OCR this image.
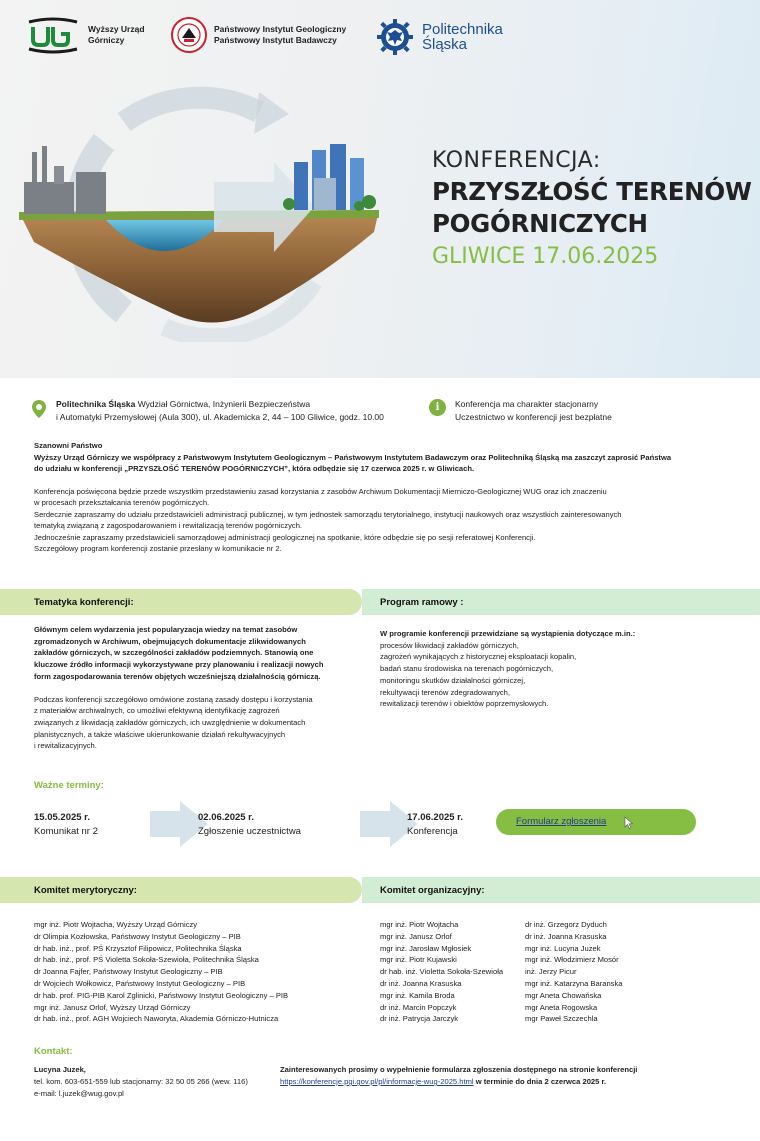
Wyższy Urząd
Górniczy
Państwowy Instytut Geologiczny
Państwowy Instytut Badawczy
Politechnika
Śląska
KONFERENCJA:
PRZYSZŁOŚĆ TERENÓW
POGÓRNICZYCH
GLIWICE 17.06.2025
Politechnika Śląska Wydział Górnictwa, Inżynierii Bezpieczeństwa
i Automatyki Przemysłowej (Aula 300), ul. Akademicka 2, 44 – 100 Gliwice, godz. 10.00
i	Konferencja ma charakter stacjonarny
Uczestnictwo w konferencji jest bezpłatne

Szanowni Państwo

Wyższy Urząd Górniczy we współpracy z Państwowym Instytutem Geologicznym – Państwowym Instytutem Badawczym oraz Politechniką Śląską ma zaszczyt zaprosić Państwa

do udziału w konferencji „PRZYSZŁOŚĆ TERENÓW POGÓRNICZYCH”, która odbędzie się 17 czerwca 2025 r. w Gliwicach.

Konferencja poświęcona będzie przede wszystkim przedstawieniu zasad korzystania z zasobów Archiwum Dokumentacji Mierniczo-Geologicznej WUG oraz ich znaczeniu

w procesach przekształcania terenów pogórniczych.

Serdecznie zapraszamy do udziału przedstawicieli administracji publicznej, w tym jednostek samorządu terytorialnego, instytucji naukowych oraz wszystkich zainteresowanych

tematyką związaną z zagospodarowaniem i rewitalizacją terenów pogórniczych.

Jednocześnie zapraszamy przedstawicieli samorządowej administracji geologicznej na spotkanie, które odbędzie się po sesji referatowej Konferencji.

Szczegółowy program konferencji zostanie przesłany w komunikacie nr 2.

Tematyka konferencji:	Program ramowy :
Głównym celem wydarzenia jest popularyzacja wiedzy na temat zasobów
zgromadzonych w Archiwum, obejmujących dokumentacje zlikwidowanych
zakładów górniczych, w szczególności zakładów podziemnych. Stanowią one
kluczowe źródło informacji wykorzystywane przy planowaniu i realizacji nowych
form zagospodarowania terenów objętych wcześniejszą działalnością górniczą.
Podczas konferencji szczegółowo omówione zostaną zasady dostępu i korzystania
z materiałów archiwalnych, co umożliwi efektywną identyfikację zagrożeń
związanych z likwidacją zakładów górniczych, ich uwzględnienie w dokumentach
planistycznych, a także właściwe ukierunkowanie działań rekultywacyjnych
i rewitalizacyjnych.
W programie konferencji przewidziane są wystąpienia dotyczące m.in.:
procesów likwidacji zakładów górniczych,
zagrożeń wynikających z historycznej eksploatacji kopalin,
badań stanu środowiska na terenach pogórniczych,
monitoringu skutków działalności górniczej,
rekultywacji terenów zdegradowanych,
rewitalizacji terenów i obiektów poprzemysłowych.
Ważne terminy:
15.05.2025 r.
Komunikat nr 2
02.06.2025 r.
Zgłoszenie uczestnictwa
17.06.2025 r.
Konferencja
Formularz zgłoszenia
Komitet merytoryczny:	Komitet organizacyjny:
mgr inż. Piotr Wojtacha, Wyższy Urząd Górniczy
dr Olimpia Kozłowska, Państwowy Instytut Geologiczny – PIB
dr hab. inż., prof. PŚ Krzysztof Filipowicz, Politechnika Śląska
dr hab. inż., prof. PŚ Violetta Sokoła-Szewioła, Politechnika Śląska
dr Joanna Fajfer, Państwowy Instytut Geologiczny – PIB
dr Wojciech Wołkowicz, Państwowy Instytut Geologiczny – PIB
dr hab. prof. PIG-PIB Karol Zglinicki, Państwowy Instytut Geologiczny – PIB
mgr inż. Janusz Orlof, Wyższy Urząd Górniczy
dr hab. inż., prof. AGH Wojciech Naworyta, Akademia Górniczo-Hutnicza
mgr inż. Piotr Wojtacha
mgr inż. Janusz Orlof
mgr inż. Jarosław Mgłosiek
mgr inż. Piotr Kujawski
dr hab. inż. Violetta Sokoła-Szewioła
dr inż. Joanna Krasuska
mgr inż. Kamila Broda
dr inż. Marcin Popczyk
dr inż. Patrycja Jarczyk
dr inż. Grzegorz Dyduch
dr inż. Joanna Krasuska
mgr inż. Lucyna Juzek
mgr inż. Włodzimierz Mosór
inż. Jerzy Picur
mgr inż. Katarzyna Baranska
mgr Aneta Chowańska
mgr Aneta Rogowska
mgr Paweł Szczechla
Kontakt:
Lucyna Juzek,
tel. kom. 603-651-559 lub stacjonarny: 32 50 05 266 (wew. 116)
e-mail: l.juzek@wug.gov.pl
Zainteresowanych prosimy o wypełnienie formularza zgłoszenia dostępnego na stronie konferencji
https://konferencje.pgi.gov.pl/pl/informacje-wug-2025.html w terminie do dnia 2 czerwca 2025 r.
